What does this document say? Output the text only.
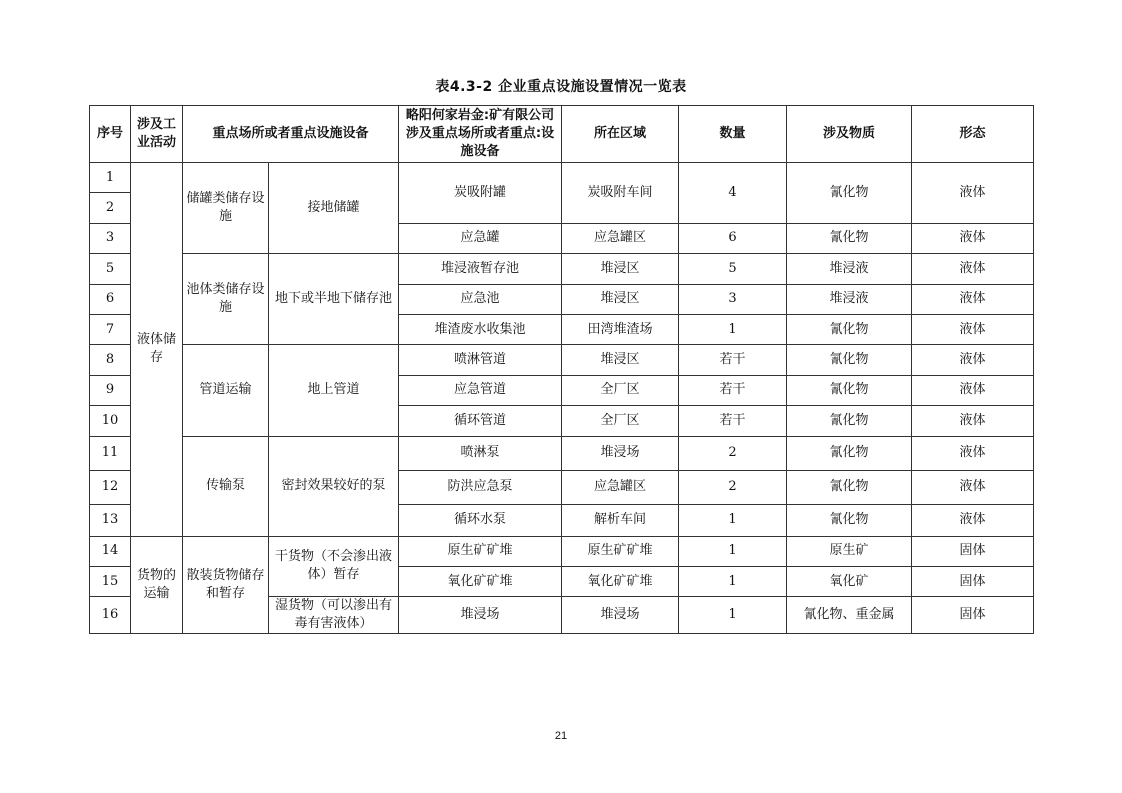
表4.3-2 企业重点设施设置情况一览表
序号	涉及工业活动	重点场所或者重点设施设备		略阳何家岩金:矿有限公司涉及重点场所或者重点:设施设备	所在区域	数量	涉及物质	形态
1	液体储存	储罐类储存设施	接地储罐	炭吸附罐	炭吸附车间	4	氰化物	液体
2								
3				应急罐	应急罐区	6	氰化物	液体
5		池体类储存设施	地下或半地下储存池	堆浸液暂存池	堆浸区	5	堆浸液	液体
6				应急池	堆浸区	3	堆浸液	液体
7				堆渣废水收集池	田湾堆渣场	1	氰化物	液体
8		管道运输	地上管道	喷淋管道	堆浸区	若干	氰化物	液体
9				应急管道	全厂区	若干	氰化物	液体
10				循环管道	全厂区	若干	氰化物	液体
11		传输泵	密封效果较好的泵	喷淋泵	堆浸场	2	氰化物	液体
12				防洪应急泵	应急罐区	2	氰化物	液体
13				循环水泵	解析车间	1	氰化物	液体
14	货物的运输	散装货物储存和暂存	干货物（不会渗出液体）暂存	原生矿矿堆	原生矿矿堆	1	原生矿	固体
15				氧化矿矿堆	氧化矿矿堆	1	氧化矿	固体
16			湿货物（可以渗出有毒有害液体）	堆浸场	堆浸场	1	氰化物、重金属	固体
21
